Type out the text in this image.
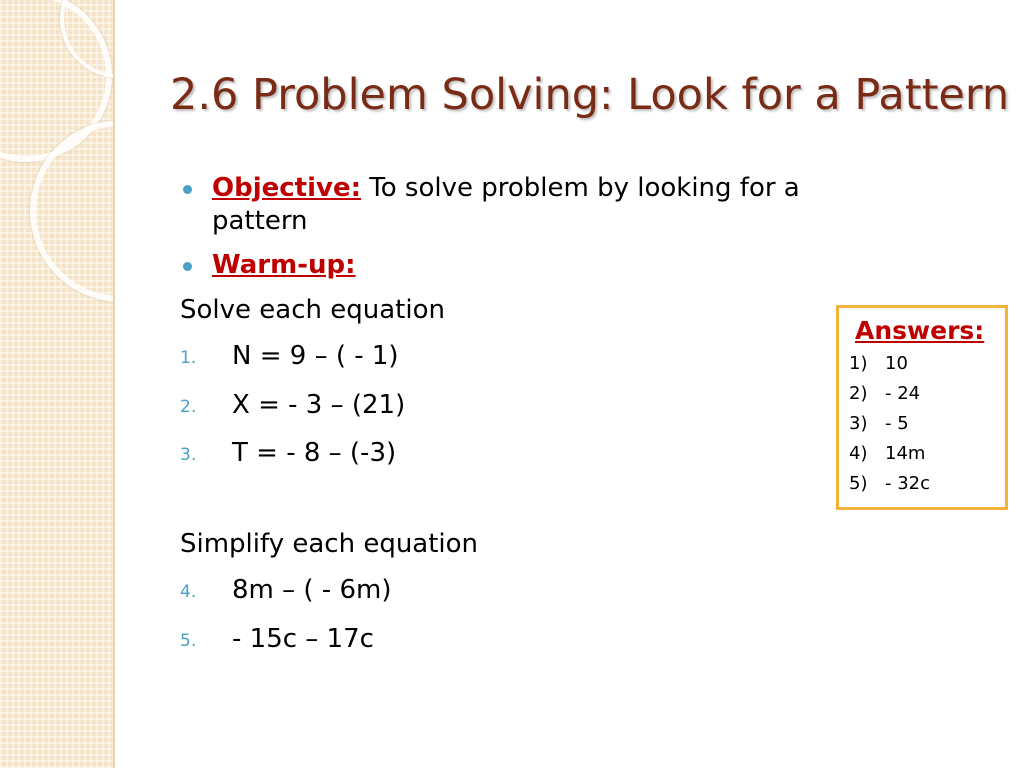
2.6 Problem Solving: Look for a Pattern
Objective: To solve problem by looking for a pattern
Warm-up:
Solve each equation
1. N = 9 – ( - 1)
2. X = - 3 – (21)
3. T = - 8 – (-3)
Simplify each equation
4. 8m – ( - 6m)
5. - 15c – 17c
Answers:
1) 10
2) - 24
3) - 5
4) 14m
5) - 32c
